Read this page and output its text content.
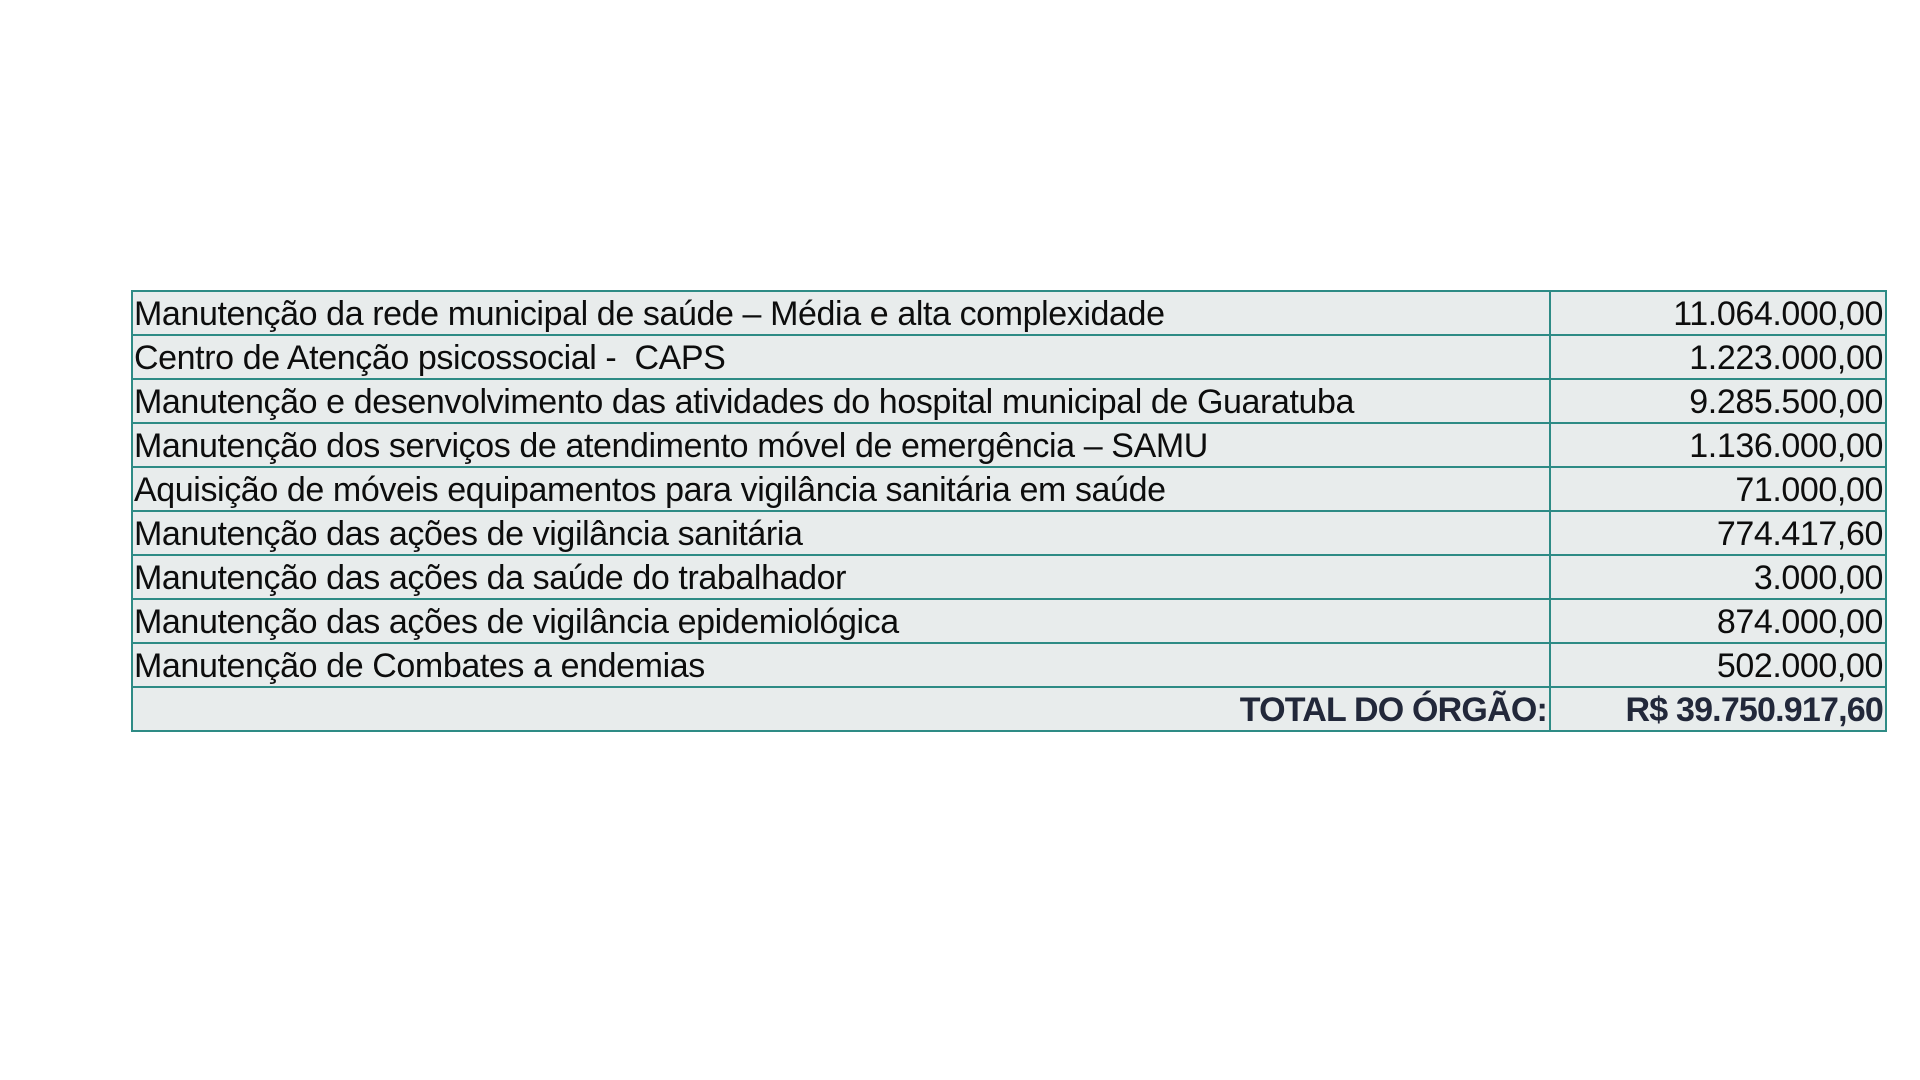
Manutenção da rede municipal de saúde – Média e alta complexidade	11.064.000,00
Centro de Atenção psicossocial -  CAPS	1.223.000,00
Manutenção e desenvolvimento das atividades do hospital municipal de Guaratuba	9.285.500,00
Manutenção dos serviços de atendimento móvel de emergência – SAMU	1.136.000,00
Aquisição de móveis equipamentos para vigilância sanitária em saúde	71.000,00
Manutenção das ações de vigilância sanitária	774.417,60
Manutenção das ações da saúde do trabalhador	3.000,00
Manutenção das ações de vigilância epidemiológica	874.000,00
Manutenção de Combates a endemias	502.000,00
TOTAL DO ÓRGÃO:	R$ 39.750.917,60
